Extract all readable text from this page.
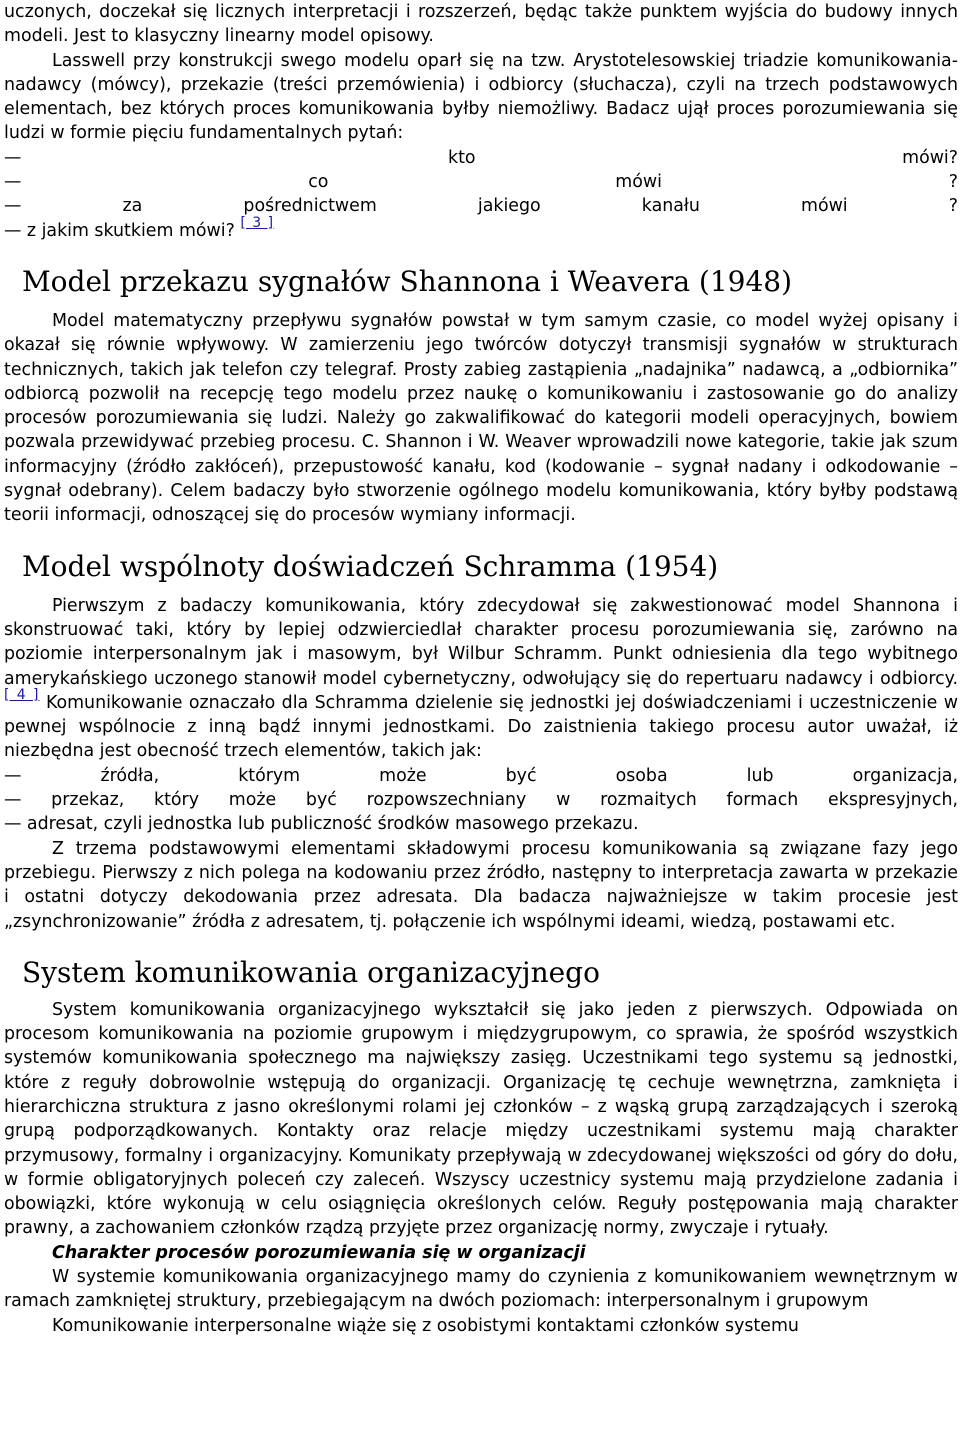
uczonych, doczekał się licznych interpretacji i rozszerzeń, będąc także punktem wyjścia do budowy innych modeli. Jest to klasyczny linearny model opisowy.

Lasswell przy konstrukcji swego modelu oparł się na tzw. Arystotelesowskiej triadzie komunikowania-nadawcy (mówcy), przekazie (treści przemówienia) i odbiorcy (słuchacza), czyli na trzech podstawowych elementach, bez których proces komunikowania byłby niemożliwy. Badacz ujął proces porozumiewania się ludzi w formie pięciu fundamentalnych pytań:

— kto mówi?

— co mówi ?

— za pośrednictwem jakiego kanału mówi ?

— z jakim skutkiem mówi? [ 3 ]

Model przekazu sygnałów Shannona i Weavera (1948)

Model matematyczny przepływu sygnałów powstał w tym samym czasie, co model wyżej opisany i okazał się równie wpływowy. W zamierzeniu jego twórców dotyczył transmisji sygnałów w strukturach technicznych, takich jak telefon czy telegraf. Prosty zabieg zastąpienia „nadajnika” nadawcą, a „odbiornika” odbiorcą pozwolił na recepcję tego modelu przez naukę o komunikowaniu i zastosowanie go do analizy procesów porozumiewania się ludzi. Należy go zakwalifikować do kategorii modeli operacyjnych, bowiem pozwala przewidywać przebieg procesu. C. Shannon i W. Weaver wprowadzili nowe kategorie, takie jak szum informacyjny (źródło zakłóceń), przepustowość kanału, kod (kodowanie – sygnał nadany i odkodowanie – sygnał odebrany). Celem badaczy było stworzenie ogólnego modelu komunikowania, który byłby podstawą teorii informacji, odnoszącej się do procesów wymiany informacji.

Model wspólnoty doświadczeń Schramma (1954)

Pierwszym z badaczy komunikowania, który zdecydował się zakwestionować model Shannona i skonstruować taki, który by lepiej odzwierciedlał charakter procesu porozumiewania się, zarówno na poziomie interpersonalnym jak i masowym, był Wilbur Schramm. Punkt odniesienia dla tego wybitnego amerykańskiego uczonego stanowił model cybernetyczny, odwołujący się do repertuaru nadawcy i odbiorcy. [ 4 ] Komunikowanie oznaczało dla Schramma dzielenie się jednostki jej doświadczeniami i uczestniczenie w pewnej wspólnocie z inną bądź innymi jednostkami. Do zaistnienia takiego procesu autor uważał, iż niezbędna jest obecność trzech elementów, takich jak:

— źródła, którym może być osoba lub organizacja,

— przekaz, który może być rozpowszechniany w rozmaitych formach ekspresyjnych,

— adresat, czyli jednostka lub publiczność środków masowego przekazu.

Z trzema podstawowymi elementami składowymi procesu komunikowania są związane fazy jego przebiegu. Pierwszy z nich polega na kodowaniu przez źródło, następny to interpretacja zawarta w przekazie i ostatni dotyczy dekodowania przez adresata. Dla badacza najważniejsze w takim procesie jest „zsynchronizowanie” źródła z adresatem, tj. połączenie ich wspólnymi ideami, wiedzą, postawami etc.

System komunikowania organizacyjnego

System komunikowania organizacyjnego wykształcił się jako jeden z pierwszych. Odpowiada on procesom komunikowania na poziomie grupowym i międzygrupowym, co sprawia, że spośród wszystkich systemów komunikowania społecznego ma największy zasięg. Uczestnikami tego systemu są jednostki, które z reguły dobrowolnie wstępują do organizacji. Organizację tę cechuje wewnętrzna, zamknięta i hierarchiczna struktura z jasno określonymi rolami jej członków – z wąską grupą zarządzających i szeroką grupą podporządkowanych. Kontakty oraz relacje między uczestnikami systemu mają charakter przymusowy, formalny i organizacyjny. Komunikaty przepływają w zdecydowanej większości od góry do dołu, w formie obligatoryjnych poleceń czy zaleceń. Wszyscy uczestnicy systemu mają przydzielone zadania i obowiązki, które wykonują w celu osiągnięcia określonych celów. Reguły postępowania mają charakter prawny, a zachowaniem członków rządzą przyjęte przez organizację normy, zwyczaje i rytuały.

Charakter procesów porozumiewania się w organizacji

W systemie komunikowania organizacyjnego mamy do czynienia z komunikowaniem wewnętrznym w ramach zamkniętej struktury, przebiegającym na dwóch poziomach: interpersonalnym i grupowym

Komunikowanie interpersonalne wiąże się z osobistymi kontaktami członków systemu
